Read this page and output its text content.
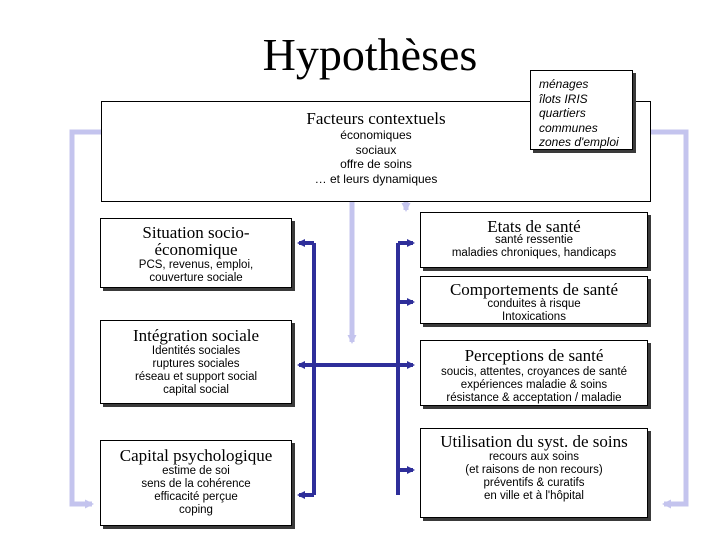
Hypothèses
Facteurs contextuels
économiques
sociaux
offre de soins
… et leurs dynamiques
ménages
îlots IRIS
quartiers
communes
zones d'emploi
Situation socio-
économique
PCS, revenus, emploi,
couverture sociale
Intégration sociale
Identités sociales
ruptures sociales
réseau et support social
capital social
Capital psychologique
estime de soi
sens de la cohérence
efficacité perçue
coping
Etats de santé
santé ressentie
maladies chroniques, handicaps
Comportements de santé
conduites à risque
Intoxications
Perceptions de santé
soucis, attentes, croyances de santé
expériences maladie & soins
résistance & acceptation / maladie
Utilisation du syst. de soins
recours aux soins
(et raisons de non recours)
préventifs & curatifs
en ville et à l'hôpital
